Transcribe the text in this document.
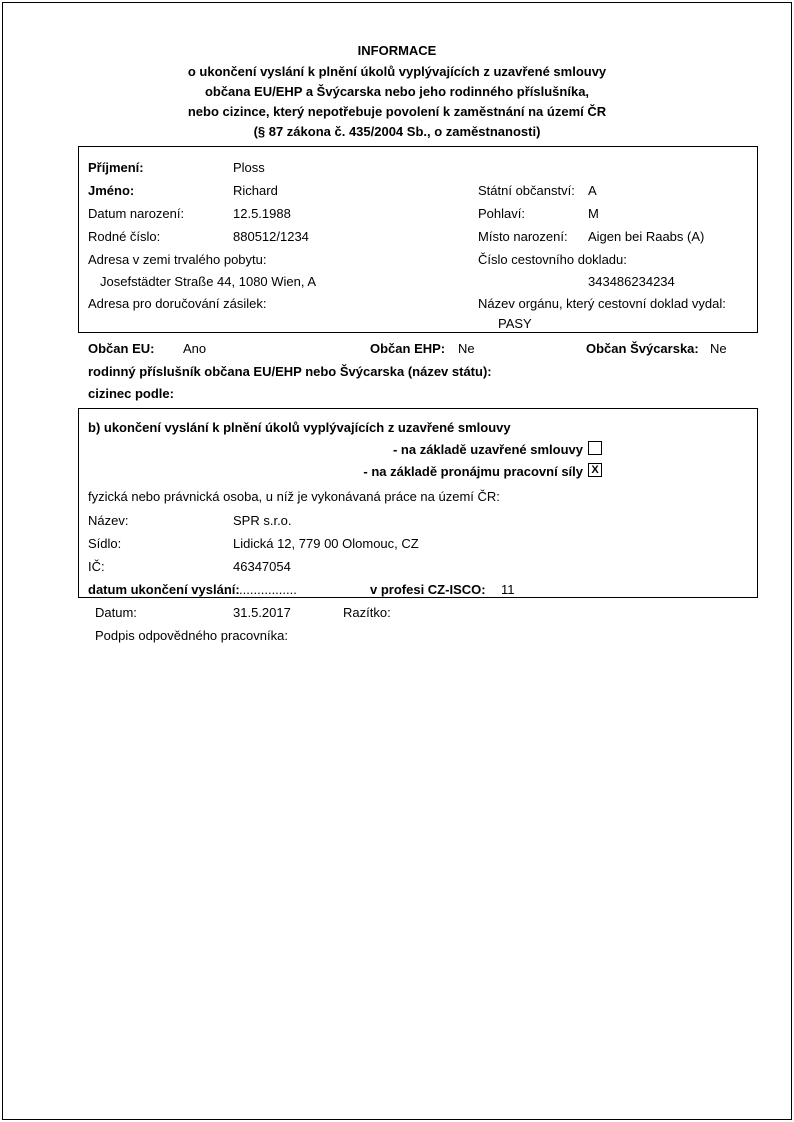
INFORMACE
o ukončení vyslání k plnění úkolů vyplývajících z uzavřené smlouvy
občana EU/EHP a Švýcarska nebo jeho rodinného příslušníka,
nebo cizince, který nepotřebuje povolení k zaměstnání na území ČR
(§ 87 zákona č. 435/2004 Sb., o zaměstnanosti)
Příjmení:	Ploss
Jméno:	Richard	Státní občanství: A
Datum narození:	12.5.1988	Pohlaví:	M
Rodné číslo:	880512/1234	Místo narození: Aigen bei Raabs (A)
Adresa v zemi trvalého pobytu:	Číslo cestovního dokladu:
Josefstädter Straße 44, 1080 Wien, A	343486234234
Adresa pro doručování zásilek:	Název orgánu, který cestovní doklad vydal:
PASY
Občan EU: Ano	Občan EHP: Ne	Občan Švýcarska: Ne
rodinný příslušník občana EU/EHP nebo Švýcarska (název státu):
cizinec podle:
b) ukončení vyslání k plnění úkolů vyplývajících z uzavřené smlouvy
- na základě uzavřené smlouvy
- na základě pronájmu pracovní síly X
fyzická nebo právnická osoba, u níž je vykonávaná práce na území ČR:
Název:	SPR s.r.o.
Sídlo:	Lidická 12, 779 00 Olomouc, CZ
IČ:	46347054
datum ukončení vyslání:
.....................	v profesi CZ-ISCO: 11
Datum:	31.5.2017	Razítko:
Podpis odpovědného pracovníka:
